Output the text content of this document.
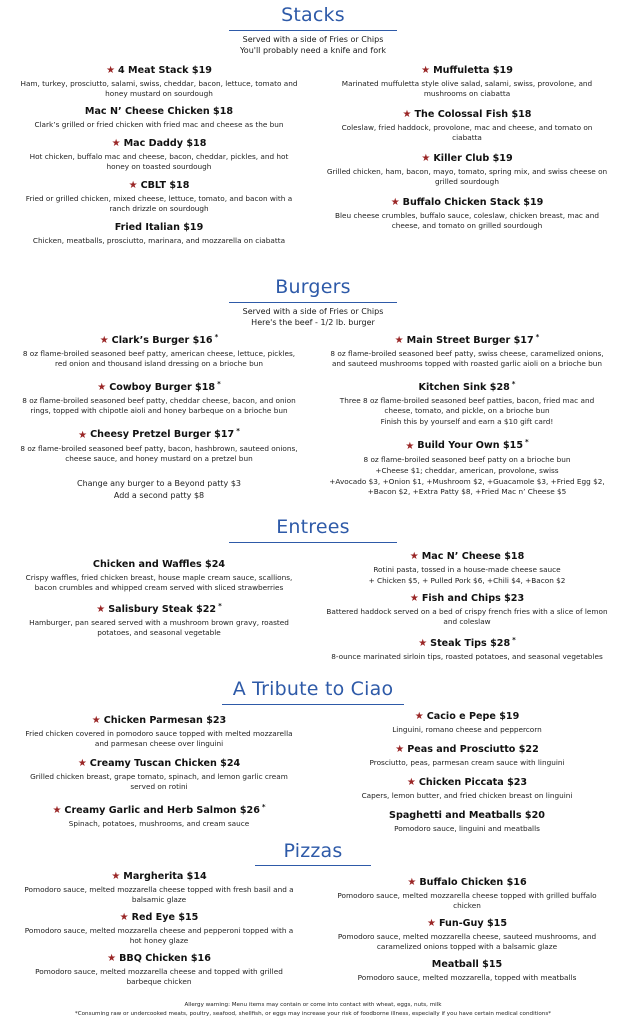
Stacks
Served with a side of Fries or Chips
You'll probably need a knife and fork
★ 4 Meat Stack $19
Ham, turkey, prosciutto, salami, swiss, cheddar, bacon, lettuce, tomato and honey mustard on sourdough
Mac N’ Cheese Chicken $18
Clark’s grilled or fried chicken with fried mac and cheese as the bun
★ Mac Daddy $18
Hot chicken, buffalo mac and cheese, bacon, cheddar, pickles, and hot honey on toasted sourdough
★ CBLT $18
Fried or grilled chicken, mixed cheese, lettuce, tomato, and bacon with a ranch drizzle on sourdough
Fried Italian $19
Chicken, meatballs, prosciutto, marinara, and mozzarella on ciabatta
★ Muffuletta $19
Marinated muffuletta style olive salad, salami, swiss, provolone, and mushrooms on ciabatta
★ The Colossal Fish $18
Coleslaw, fried haddock, provolone, mac and cheese, and tomato on ciabatta
★ Killer Club $19
Grilled chicken, ham, bacon, mayo, tomato, spring mix, and swiss cheese on grilled sourdough
★ Buffalo Chicken Stack $19
Bleu cheese crumbles, buffalo sauce, coleslaw, chicken breast, mac and cheese, and tomato on grilled sourdough
Burgers
Served with a side of Fries or Chips
Here's the beef - 1/2 lb. burger
★ Clark’s Burger $16 *
8 oz flame-broiled seasoned beef patty, american cheese, lettuce, pickles, red onion and thousand island dressing on a brioche bun
★ Cowboy Burger $18 *
8 oz flame-broiled seasoned beef patty, cheddar cheese, bacon, and onion rings, topped with chipotle aioli and honey barbeque on a brioche bun
★ Cheesy Pretzel Burger $17 *
8 oz flame-broiled seasoned beef patty, bacon, hashbrown, sauteed onions, cheese sauce, and honey mustard on a pretzel bun
Change any burger to a Beyond patty $3
Add a second patty $8
★ Main Street Burger $17 *
8 oz flame-broiled seasoned beef patty, swiss cheese, caramelized onions, and sauteed mushrooms topped with roasted garlic aioli on a brioche bun
Kitchen Sink $28 *
Three 8 oz flame-broiled seasoned beef patties, bacon, fried mac and cheese, tomato, and pickle, on a brioche bun
Finish this by yourself and earn a $10 gift card!
★ Build Your Own $15 *
8 oz flame-broiled seasoned beef patty on a brioche bun
+Cheese $1; cheddar, american, provolone, swiss
+Avocado $3, +Onion $1, +Mushroom $2, +Guacamole $3, +Fried Egg $2, +Bacon $2, +Extra Patty $8, +Fried Mac n’ Cheese $5
Entrees
Chicken and Waffles $24
Crispy waffles, fried chicken breast, house maple cream sauce, scallions, bacon crumbles and whipped cream served with sliced strawberries
★ Salisbury Steak $22 *
Hamburger, pan seared served with a mushroom brown gravy, roasted potatoes, and seasonal vegetable
★ Mac N’ Cheese $18
Rotini pasta, tossed in a house-made cheese sauce
+ Chicken $5, + Pulled Pork $6, +Chili $4, +Bacon $2
★ Fish and Chips $23
Battered haddock served on a bed of crispy french fries with a slice of lemon and coleslaw
★ Steak Tips $28 *
8-ounce marinated sirloin tips, roasted potatoes, and seasonal vegetables
A Tribute to Ciao
★ Chicken Parmesan $23
Fried chicken covered in pomodoro sauce topped with melted mozzarella and parmesan cheese over linguini
★ Creamy Tuscan Chicken $24
Grilled chicken breast, grape tomato, spinach, and lemon garlic cream served on rotini
★ Creamy Garlic and Herb Salmon $26 *
Spinach, potatoes, mushrooms, and cream sauce
★ Cacio e Pepe $19
Linguini, romano cheese and peppercorn
★ Peas and Prosciutto $22
Prosciutto, peas, parmesan cream sauce with linguini
★ Chicken Piccata $23
Capers, lemon butter, and fried chicken breast on linguini
Spaghetti and Meatballs $20
Pomodoro sauce, linguini and meatballs
Pizzas
★ Margherita $14
Pomodoro sauce, melted mozzarella cheese topped with fresh basil and a balsamic glaze
★ Red Eye $15
Pomodoro sauce, melted mozzarella cheese and pepperoni topped with a hot honey glaze
★ BBQ Chicken $16
Pomodoro sauce, melted mozzarella cheese and topped with grilled barbeque chicken
★ Buffalo Chicken $16
Pomodoro sauce, melted mozzarella cheese topped with grilled buffalo chicken
★ Fun-Guy $15
Pomodoro sauce, melted mozzarella cheese, sauteed mushrooms, and caramelized onions topped with a balsamic glaze
Meatball $15
Pomodoro sauce, melted mozzarella, topped with meatballs
Allergy warning: Menu items may contain or come into contact with wheat, eggs, nuts, milk
*Consuming raw or undercooked meats, poultry, seafood, shellfish, or eggs may increase your risk of foodborne illness, especially if you have certain medical conditions*
